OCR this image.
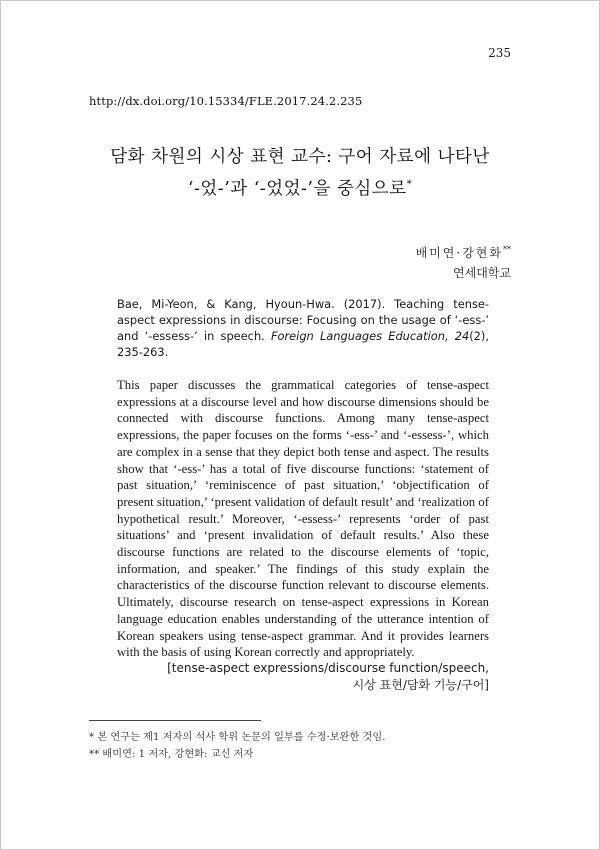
235
http://dx.doi.org/10.15334/FLE.2017.24.2.235
담화 차원의 시상 표현 교수: 구어 자료에 나타난
‘-었-’과 ‘-었었-’을 중심으로*
배미연·강현화**
연세대학교
Bae, Mi-Yeon, & Kang, Hyoun-Hwa. (2017). Teaching tense-aspect expressions in discourse: Focusing on the usage of ‘-ess-’ and ‘-essess-’ in speech. Foreign Languages Education, 24(2), 235-263.
This paper discusses the grammatical categories of tense-aspect expressions at a discourse level and how discourse dimensions should be connected with discourse functions. Among many tense-aspect expressions, the paper focuses on the forms ‘-ess-’ and ‘-essess-’, which are complex in a sense that they depict both tense and aspect. The results show that ‘-ess-’ has a total of five discourse functions: ‘statement of past situation,’ ‘reminiscence of past situation,’ ‘objectification of present situation,’ ‘present validation of default result’ and ‘realization of hypothetical result.’ Moreover, ‘-essess-’ represents ‘order of past situations’ and ‘present invalidation of default results.’ Also these discourse functions are related to the discourse elements of ‘topic, information, and speaker.’ The findings of this study explain the characteristics of the discourse function relevant to discourse elements. Ultimately, discourse research on tense-aspect expressions in Korean language education enables understanding of the utterance intention of Korean speakers using tense-aspect grammar. And it provides learners with the basis of using Korean correctly and appropriately.
[tense-aspect expressions/discourse function/speech,
시상 표현/담화 기능/구어]
* 본 연구는 제1 저자의 석사 학위 논문의 일부를 수정·보완한 것임.
** 배미연: 1 저자, 강현화: 교신 저자
